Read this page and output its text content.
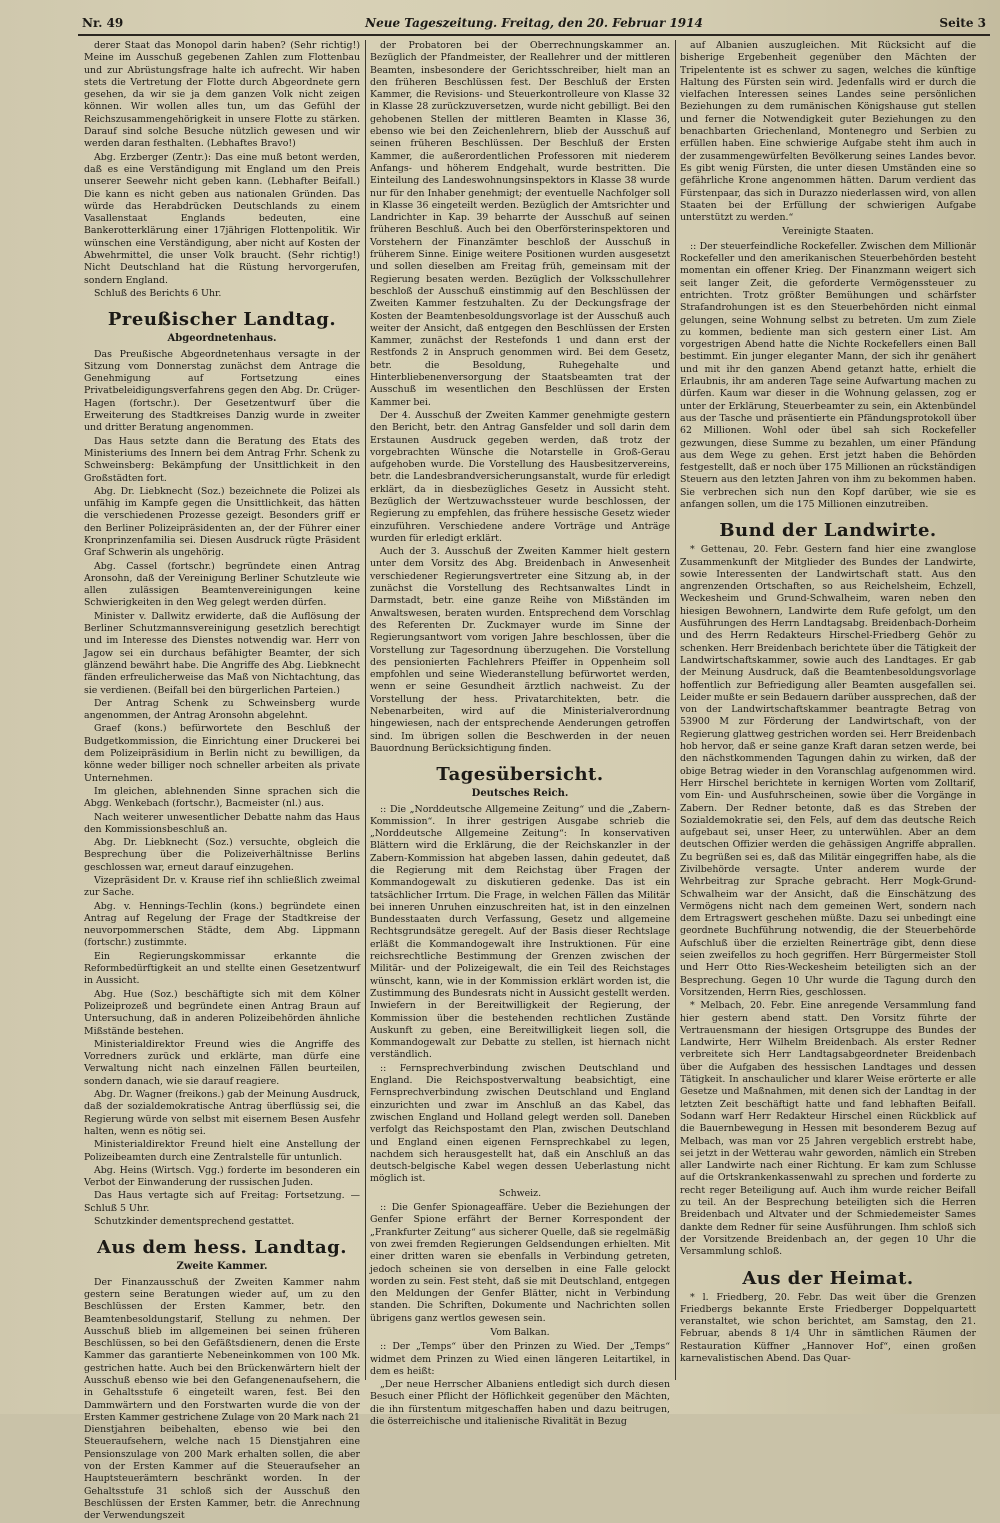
Nr. 49	Neue Tageszeitung. Freitag, den 20. Februar 1914	Seite 3

derer Staat das Monopol darin haben? (Sehr richtig!) Meine im Ausschuß gegebenen Zahlen zum Flottenbau und zur Abrüstungsfrage halte ich aufrecht. Wir haben stets die Vertretung der Flotte durch Abgeordnete gern gesehen, da wir sie ja dem ganzen Volk nicht zeigen können. Wir wollen alles tun, um das Gefühl der Reichszusammengehörigkeit in unsere Flotte zu stärken. Darauf sind solche Besuche nützlich gewesen und wir werden daran festhalten. (Lebhaftes Bravo!)

Abg. Erzberger (Zentr.): Das eine muß betont werden, daß es eine Verständigung mit England um den Preis unserer Seewehr nicht geben kann. (Lebhafter Beifall.) Die kann es nicht geben aus nationalen Gründen. Das würde das Herabdrücken Deutschlands zu einem Vasallenstaat Englands bedeuten, eine Bankerotterklärung einer 17jährigen Flottenpolitik. Wir wünschen eine Verständigung, aber nicht auf Kosten der Abwehrmittel, die unser Volk braucht. (Sehr richtig!) Nicht Deutschland hat die Rüstung hervorgerufen, sondern England.

Schluß des Berichts 6 Uhr.

Preußischer Landtag.
Abgeordnetenhaus.

Das Preußische Abgeordnetenhaus versagte in der Sitzung vom Donnerstag zunächst dem Antrage die Genehmigung auf Fortsetzung eines Privatbeleidigungsverfahrens gegen den Abg. Dr. Crüger-Hagen (fortschr.). Der Gesetzentwurf über die Erweiterung des Stadtkreises Danzig wurde in zweiter und dritter Beratung angenommen.

Das Haus setzte dann die Beratung des Etats des Ministeriums des Innern bei dem Antrag Frhr. Schenk zu Schweinsberg: Bekämpfung der Unsittlichkeit in den Großstädten fort.

Abg. Dr. Liebknecht (Soz.) bezeichnete die Polizei als unfähig im Kampfe gegen die Unsittlichkeit, das hätten die verschiedenen Prozesse gezeigt. Besonders griff er den Berliner Polizeipräsidenten an, der der Führer einer Kronprinzenfamilia sei. Diesen Ausdruck rügte Präsident Graf Schwerin als ungehörig.

Abg. Cassel (fortschr.) begründete einen Antrag Aronsohn, daß der Vereinigung Berliner Schutzleute wie allen zulässigen Beamtenvereinigungen keine Schwierigkeiten in den Weg gelegt werden dürfen.

Minister v. Dallwitz erwiderte, daß die Auflösung der Berliner Schutzmannsvereinigung gesetzlich berechtigt und im Interesse des Dienstes notwendig war. Herr von Jagow sei ein durchaus befähigter Beamter, der sich glänzend bewährt habe. Die Angriffe des Abg. Liebknecht fänden erfreulicherweise das Maß von Nichtachtung, das sie verdienen. (Beifall bei den bürgerlichen Parteien.)

Der Antrag Schenk zu Schweinsberg wurde angenommen, der Antrag Aronsohn abgelehnt.

Graef (kons.) befürwortete den Beschluß der Budgetkommission, die Einrichtung einer Druckerei bei dem Polizeipräsidium in Berlin nicht zu bewilligen, da könne weder billiger noch schneller arbeiten als private Unternehmen.

Im gleichen, ablehnenden Sinne sprachen sich die Abgg. Wenkebach (fortschr.), Bacmeister (nl.) aus.

Nach weiterer unwesentlicher Debatte nahm das Haus den Kommissionsbeschluß an.

Abg. Dr. Liebknecht (Soz.) versuchte, obgleich die Besprechung über die Polizeiverhältnisse Berlins geschlossen war, erneut darauf einzugehen.

Vizepräsident Dr. v. Krause rief ihn schließlich zweimal zur Sache.

Abg. v. Hennings-Techlin (kons.) begründete einen Antrag auf Regelung der Frage der Stadtkreise der neuvorpommerschen Städte, dem Abg. Lippmann (fortschr.) zustimmte.

Ein Regierungskommissar erkannte die Reformbedürftigkeit an und stellte einen Gesetzentwurf in Aussicht.

Abg. Hue (Soz.) beschäftigte sich mit dem Kölner Polizeiprozeß und begründete einen Antrag Braun auf Untersuchung, daß in anderen Polizeibehörden ähnliche Mißstände bestehen.

Ministerialdirektor Freund wies die Angriffe des Vorredners zurück und erklärte, man dürfe eine Verwaltung nicht nach einzelnen Fällen beurteilen, sondern danach, wie sie darauf reagiere.

Abg. Dr. Wagner (freikons.) gab der Meinung Ausdruck, daß der sozialdemokratische Antrag überflüssig sei, die Regierung würde von selbst mit eisernem Besen Ausfehr halten, wenn es nötig sei.

Ministerialdirektor Freund hielt eine Anstellung der Polizeibeamten durch eine Zentralstelle für untunlich.

Abg. Heins (Wirtsch. Vgg.) forderte im besonderen ein Verbot der Einwanderung der russischen Juden.

Das Haus vertagte sich auf Freitag: Fortsetzung. — Schluß 5 Uhr.

Schutzkinder dementsprechend gestattet.

Aus dem hess. Landtag.
Zweite Kammer.

Der Finanzausschuß der Zweiten Kammer nahm gestern seine Beratungen wieder auf, um zu den Beschlüssen der Ersten Kammer, betr. den Beamtenbesoldungstarif, Stellung zu nehmen. Der Ausschuß blieb im allgemeinen bei seinen früheren Beschlüssen, so bei den Gefäßtsdienern, denen die Erste Kammer das garantierte Nebeneinkommen von 100 Mk. gestrichen hatte. Auch bei den Brückenwärtern hielt der Ausschuß ebenso wie bei den Gefangenenaufsehern, die in Gehaltsstufe 6 eingeteilt waren, fest. Bei den Dammwärtern und den Forstwarten wurde die von der Ersten Kammer gestrichene Zulage von 20 Mark nach 21 Dienstjahren beibehalten, ebenso wie bei den Steueraufsehern, welche nach 15 Dienstjahren eine Pensionszulage von 200 Mark erhalten sollen, die aber von der Ersten Kammer auf die Steueraufseher an Hauptsteuerämtern beschränkt worden. In der Gehaltsstufe 31 schloß sich der Ausschuß den Beschlüssen der Ersten Kammer, betr. die Anrechnung der Verwendungszeit

der Probatoren bei der Oberrechnungskammer an. Bezüglich der Pfandmeister, der Reallehrer und der mittleren Beamten, insbesondere der Gerichtsschreiber, hielt man an den früheren Beschlüssen fest. Der Beschluß der Ersten Kammer, die Revisions- und Steuerkontrolleure von Klasse 32 in Klasse 28 zurückzuversetzen, wurde nicht gebilligt. Bei den gehobenen Stellen der mittleren Beamten in Klasse 36, ebenso wie bei den Zeichenlehrern, blieb der Ausschuß auf seinen früheren Beschlüssen. Der Beschluß der Ersten Kammer, die außerordentlichen Professoren mit niederem Anfangs- und höherem Endgehalt, wurde bestritten. Die Einteilung des Landeswohnungsinspektors in Klasse 38 wurde nur für den Inhaber genehmigt; der eventuelle Nachfolger soll in Klasse 36 eingeteilt werden. Bezüglich der Amtsrichter und Landrichter in Kap. 39 beharrte der Ausschuß auf seinen früheren Beschluß. Auch bei den Oberförsterinspektoren und Vorstehern der Finanzämter beschloß der Ausschuß in früherem Sinne. Einige weitere Positionen wurden ausgesetzt und sollen dieselben am Freitag früh, gemeinsam mit der Regierung besaten werden. Bezüglich der Volksschullehrer beschloß der Ausschuß einstimmig auf den Beschlüssen der Zweiten Kammer festzuhalten. Zu der Deckungsfrage der Kosten der Beamtenbesoldungsvorlage ist der Ausschuß auch weiter der Ansicht, daß entgegen den Beschlüssen der Ersten Kammer, zunächst der Restefonds 1 und dann erst der Restfonds 2 in Anspruch genommen wird. Bei dem Gesetz, betr. die Besoldung, Ruhegehalte und Hinterbliebenenversorgung der Staatsbeamten trat der Ausschuß im wesentlichen den Beschlüssen der Ersten Kammer bei.

Der 4. Ausschuß der Zweiten Kammer genehmigte gestern den Bericht, betr. den Antrag Gansfelder und soll darin dem Erstaunen Ausdruck gegeben werden, daß trotz der vorgebrachten Wünsche die Notarstelle in Groß-Gerau aufgehoben wurde. Die Vorstellung des Hausbesitzervereins, betr. die Landesbrandversicherungsanstalt, wurde für erledigt erklärt, da in diesbezügliches Gesetz in Aussicht steht. Bezüglich der Wertzuwachssteuer wurde beschlossen, der Regierung zu empfehlen, das frühere hessische Gesetz wieder einzuführen. Verschiedene andere Vorträge und Anträge wurden für erledigt erklärt.

Auch der 3. Ausschuß der Zweiten Kammer hielt gestern unter dem Vorsitz des Abg. Breidenbach in Anwesenheit verschiedener Regierungsvertreter eine Sitzung ab, in der zunächst die Vorstellung des Rechtsanwaltes Lindt in Darmstadt, betr. eine ganze Reihe von Mißständen im Anwaltswesen, beraten wurden. Entsprechend dem Vorschlag des Referenten Dr. Zuckmayer wurde im Sinne der Regierungsantwort vom vorigen Jahre beschlossen, über die Vorstellung zur Tagesordnung überzugehen. Die Vorstellung des pensionierten Fachlehrers Pfeiffer in Oppenheim soll empfohlen und seine Wiederanstellung befürwortet werden, wenn er seine Gesundheit ärztlich nachweist. Zu der Vorstellung der hess. Privatarchitekten, betr. die Nebenarbeiten, wird auf die Ministerialverordnung hingewiesen, nach der entsprechende Aenderungen getroffen sind. Im übrigen sollen die Beschwerden in der neuen Bauordnung Berücksichtigung finden.

Tagesübersicht.
Deutsches Reich.

:: Die „Norddeutsche Allgemeine Zeitung“ und die „Zabern-Kommission“. In ihrer gestrigen Ausgabe schrieb die „Norddeutsche Allgemeine Zeitung“: In konservativen Blättern wird die Erklärung, die der Reichskanzler in der Zabern-Kommission hat abgeben lassen, dahin gedeutet, daß die Regierung mit dem Reichstag über Fragen der Kommandogewalt zu diskutieren gedenke. Das ist ein tatsächlicher Irrtum. Die Frage, in welchen Fällen das Militär bei inneren Unruhen einzuschreiten hat, ist in den einzelnen Bundesstaaten durch Verfassung, Gesetz und allgemeine Rechtsgrundsätze geregelt. Auf der Basis dieser Rechtslage erläßt die Kommandogewalt ihre Instruktionen. Für eine reichsrechtliche Bestimmung der Grenzen zwischen der Militär- und der Polizeigewalt, die ein Teil des Reichstages wünscht, kann, wie in der Kommission erklärt worden ist, die Zustimmung des Bundesrats nicht in Aussicht gestellt werden. Inwiefern in der Bereitwilligkeit der Regierung, der Kommission über die bestehenden rechtlichen Zustände Auskunft zu geben, eine Bereitwilligkeit liegen soll, die Kommandogewalt zur Debatte zu stellen, ist hiernach nicht verständlich.

:: Fernsprechverbindung zwischen Deutschland und England. Die Reichspostverwaltung beabsichtigt, eine Fernsprechverbindung zwischen Deutschland und England einzurichten und zwar im Anschluß an das Kabel, das zwischen England und Holland gelegt werden soll. Daneben verfolgt das Reichspostamt den Plan, zwischen Deutschland und England einen eigenen Fernsprechkabel zu legen, nachdem sich herausgestellt hat, daß ein Anschluß an das deutsch-belgische Kabel wegen dessen Ueberlastung nicht möglich ist.

Schweiz.

:: Die Genfer Spionageaffäre. Ueber die Beziehungen der Genfer Spione erfährt der Berner Korrespondent der „Frankfurter Zeitung“ aus sicherer Quelle, daß sie regelmäßig von zwei fremden Regierungen Geldsendungen erhielten. Mit einer dritten waren sie ebenfalls in Verbindung getreten, jedoch scheinen sie von derselben in eine Falle gelockt worden zu sein. Fest steht, daß sie mit Deutschland, entgegen den Meldungen der Genfer Blätter, nicht in Verbindung standen. Die Schriften, Dokumente und Nachrichten sollen übrigens ganz wertlos gewesen sein.

Vom Balkan.

:: Der „Temps“ über den Prinzen zu Wied. Der „Temps“ widmet dem Prinzen zu Wied einen längeren Leitartikel, in dem es heißt:

„Der neue Herrscher Albaniens entledigt sich durch diesen Besuch einer Pflicht der Höflichkeit gegenüber den Mächten, die ihn fürstentum mitgeschaffen haben und dazu beitrugen, die österreichische und italienische Rivalität in Bezug

auf Albanien auszugleichen. Mit Rücksicht auf die bisherige Ergebenheit gegenüber den Mächten der Tripelentente ist es schwer zu sagen, welches die künftige Haltung des Fürsten sein wird. Jedenfalls wird er durch die vielfachen Interessen seines Landes seine persönlichen Beziehungen zu dem rumänischen Königshause gut stellen und ferner die Notwendigkeit guter Beziehungen zu den benachbarten Griechenland, Montenegro und Serbien zu erfüllen haben. Eine schwierige Aufgabe steht ihm auch in der zusammengewürfelten Bevölkerung seines Landes bevor. Es gibt wenig Fürsten, die unter diesen Umständen eine so gefährliche Krone angenommen hätten. Darum verdient das Fürstenpaar, das sich in Durazzo niederlassen wird, von allen Staaten bei der Erfüllung der schwierigen Aufgabe unterstützt zu werden.“

Vereinigte Staaten.

:: Der steuerfeindliche Rockefeller. Zwischen dem Millionär Rockefeller und den amerikanischen Steuerbehörden besteht momentan ein offener Krieg. Der Finanzmann weigert sich seit langer Zeit, die geforderte Vermögenssteuer zu entrichten. Trotz größter Bemühungen und schärfster Strafandrohungen ist es den Steuerbehörden nicht einmal gelungen, seine Wohnung selbst zu betreten. Um zum Ziele zu kommen, bediente man sich gestern einer List. Am vorgestrigen Abend hatte die Nichte Rockefellers einen Ball bestimmt. Ein junger eleganter Mann, der sich ihr genähert und mit ihr den ganzen Abend getanzt hatte, erhielt die Erlaubnis, ihr am anderen Tage seine Aufwartung machen zu dürfen. Kaum war dieser in die Wohnung gelassen, zog er unter der Erklärung, Steuerbeamter zu sein, ein Aktenbündel aus der Tasche und präsentierte ein Pfändungsprotokoll über 62 Millionen. Wohl oder übel sah sich Rockefeller gezwungen, diese Summe zu bezahlen, um einer Pfändung aus dem Wege zu gehen. Erst jetzt haben die Behörden festgestellt, daß er noch über 175 Millionen an rückständigen Steuern aus den letzten Jahren von ihm zu bekommen haben. Sie verbrechen sich nun den Kopf darüber, wie sie es anfangen sollen, um die 175 Millionen einzutreiben.

Bund der Landwirte.

* Gettenau, 20. Febr. Gestern fand hier eine zwanglose Zusammenkunft der Mitglieder des Bundes der Landwirte, sowie Interessenten der Landwirtschaft statt. Aus den angrenzenden Ortschaften, so aus Reichelsheim, Echzell, Weckesheim und Grund-Schwalheim, waren neben den hiesigen Bewohnern, Landwirte dem Rufe gefolgt, um den Ausführungen des Herrn Landtagsabg. Breidenbach-Dorheim und des Herrn Redakteurs Hirschel-Friedberg Gehör zu schenken. Herr Breidenbach berichtete über die Tätigkeit der Landwirtschaftskammer, sowie auch des Landtages. Er gab der Meinung Ausdruck, daß die Beamtenbesoldungsvorlage hoffentlich zur Befriedigung aller Beamten ausgefallen sei. Leider mußte er sein Bedauern darüber aussprechen, daß der von der Landwirtschaftskammer beantragte Betrag von 53900 M zur Förderung der Landwirtschaft, von der Regierung glattweg gestrichen worden sei. Herr Breidenbach hob hervor, daß er seine ganze Kraft daran setzen werde, bei den nächstkommenden Tagungen dahin zu wirken, daß der obige Betrag wieder in den Voranschlag aufgenommen wird. Herr Hirschel berichtete in kernigen Worten vom Zolltarif, vom Ein- und Ausfuhrscheinen, sowie über die Vorgänge in Zabern. Der Redner betonte, daß es das Streben der Sozialdemokratie sei, den Fels, auf dem das deutsche Reich aufgebaut sei, unser Heer, zu unterwühlen. Aber an dem deutschen Offizier werden die gehässigen Angriffe abprallen. Zu begrüßen sei es, daß das Militär eingegriffen habe, als die Zivilbehörde versagte. Unter anderem wurde der Wehrbeitrag zur Sprache gebracht. Herr Mogk-Grund-Schwalheim war der Ansicht, daß die Einschätzung des Vermögens nicht nach dem gemeinen Wert, sondern nach dem Ertragswert geschehen müßte. Dazu sei unbedingt eine geordnete Buchführung notwendig, die der Steuerbehörde Aufschluß über die erzielten Reinerträge gibt, denn diese seien zweifellos zu hoch gegriffen. Herr Bürgermeister Stoll und Herr Otto Ries-Weckesheim beteiligten sich an der Besprechung. Gegen 10 Uhr wurde die Tagung durch den Vorsitzenden, Herrn Ries, geschlossen.

* Melbach, 20. Febr. Eine anregende Versammlung fand hier gestern abend statt. Den Vorsitz führte der Vertrauensmann der hiesigen Ortsgruppe des Bundes der Landwirte, Herr Wilhelm Breidenbach. Als erster Redner verbreitete sich Herr Landtagsabgeordneter Breidenbach über die Aufgaben des hessischen Landtages und dessen Tätigkeit. In anschaulicher und klarer Weise erörterte er alle Gesetze und Maßnahmen, mit denen sich der Landtag in der letzten Zeit beschäftigt hatte und fand lebhaften Beifall. Sodann warf Herr Redakteur Hirschel einen Rückblick auf die Bauernbewegung in Hessen mit besonderem Bezug auf Melbach, was man vor 25 Jahren vergeblich erstrebt habe, sei jetzt in der Wetterau wahr geworden, nämlich ein Streben aller Landwirte nach einer Richtung. Er kam zum Schlusse auf die Ortskrankenkassenwahl zu sprechen und forderte zu recht reger Beteiligung auf. Auch ihm wurde reicher Beifall zu teil. An der Besprechung beteiligten sich die Herren Breidenbach und Altvater und der Schmiedemeister Sames dankte dem Redner für seine Ausführungen. Ihm schloß sich der Vorsitzende Breidenbach an, der gegen 10 Uhr die Versammlung schloß.

Aus der Heimat.

* l. Friedberg, 20. Febr. Das weit über die Grenzen Friedbergs bekannte Erste Friedberger Doppelquartett veranstaltet, wie schon berichtet, am Samstag, den 21. Februar, abends 8 1/4 Uhr in sämtlichen Räumen der Restauration Küffner „Hannover Hof“, einen großen karnevalistischen Abend. Das Quar-
